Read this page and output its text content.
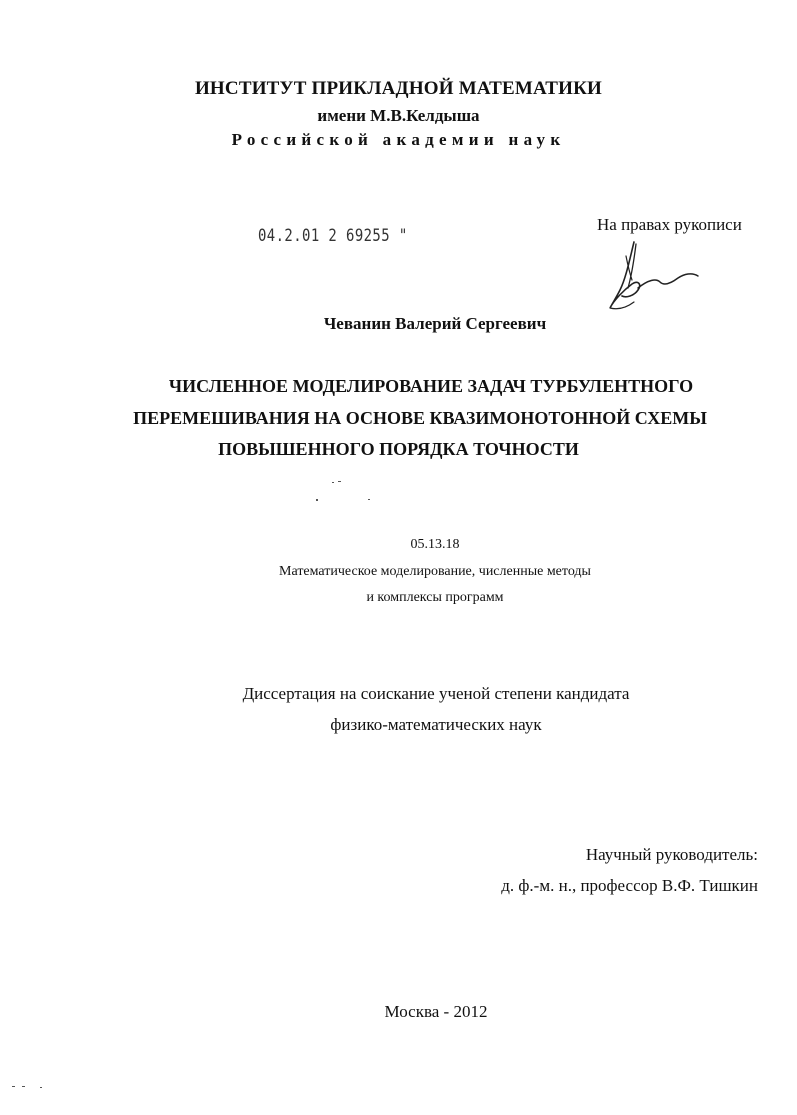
ИНСТИТУТ ПРИКЛАДНОЙ МАТЕМАТИКИ
имени М.В.Келдыша
Российской академии наук
04.2.01 2 69255 "
На правах рукописи
Чеванин Валерий Сергеевич
ЧИСЛЕННОЕ МОДЕЛИРОВАНИЕ ЗАДАЧ ТУРБУЛЕНТНОГО
ПЕРЕМЕШИВАНИЯ НА ОСНОВЕ КВАЗИМОНОТОННОЙ СХЕМЫ
ПОВЫШЕННОГО ПОРЯДКА ТОЧНОСТИ
05.13.18
Математическое моделирование, численные методы
и комплексы программ
Диссертация на соискание ученой степени кандидата
физико-математических наук
Научный руководитель:
д. ф.-м. н., профессор В.Ф. Тишкин
Москва - 2012
